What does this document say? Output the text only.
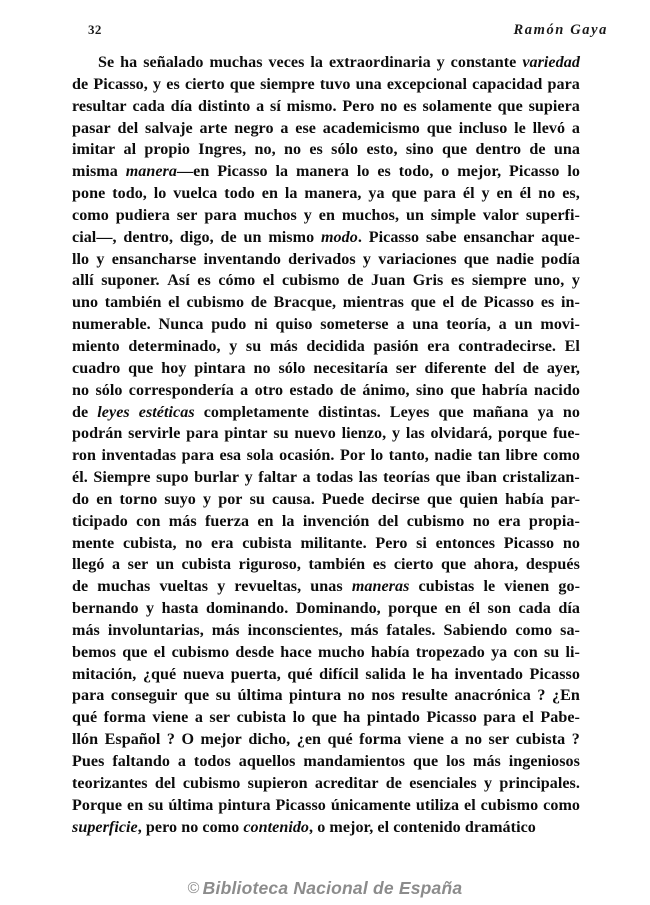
32	Ramón Gaya
Se ha señalado muchas veces la extraordinaria y constante variedad
de Picasso, y es cierto que siempre tuvo una excepcional capacidad para
resultar cada día distinto a sí mismo. Pero no es solamente que supiera
pasar del salvaje arte negro a ese academicismo que incluso le llevó a
imitar al propio Ingres, no, no es sólo esto, sino que dentro de una
misma manera—en Picasso la manera lo es todo, o mejor, Picasso lo
pone todo, lo vuelca todo en la manera, ya que para él y en él no es,
como pudiera ser para muchos y en muchos, un simple valor superfi-
cial—, dentro, digo, de un mismo modo. Picasso sabe ensanchar aque-
llo y ensancharse inventando derivados y variaciones que nadie podía
allí suponer. Así es cómo el cubismo de Juan Gris es siempre uno, y
uno también el cubismo de Bracque, mientras que el de Picasso es in-
numerable. Nunca pudo ni quiso someterse a una teoría, a un movi-
miento determinado, y su más decidida pasión era contradecirse. El
cuadro que hoy pintara no sólo necesitaría ser diferente del de ayer,
no sólo correspondería a otro estado de ánimo, sino que habría nacido
de leyes estéticas completamente distintas. Leyes que mañana ya no
podrán servirle para pintar su nuevo lienzo, y las olvidará, porque fue-
ron inventadas para esa sola ocasión. Por lo tanto, nadie tan libre como
él. Siempre supo burlar y faltar a todas las teorías que iban cristalizan-
do en torno suyo y por su causa. Puede decirse que quien había par-
ticipado con más fuerza en la invención del cubismo no era propia-
mente cubista, no era cubista militante. Pero si entonces Picasso no
llegó a ser un cubista riguroso, también es cierto que ahora, después
de muchas vueltas y revueltas, unas maneras cubistas le vienen go-
bernando y hasta dominando. Dominando, porque en él son cada día
más involuntarias, más inconscientes, más fatales. Sabiendo como sa-
bemos que el cubismo desde hace mucho había tropezado ya con su li-
mitación, ¿qué nueva puerta, qué difícil salida le ha inventado Picasso
para conseguir que su última pintura no nos resulte anacrónica ? ¿En
qué forma viene a ser cubista lo que ha pintado Picasso para el Pabe-
llón Español ? O mejor dicho, ¿en qué forma viene a no ser cubista ?
Pues faltando a todos aquellos mandamientos que los más ingeniosos
teorizantes del cubismo supieron acreditar de esenciales y principales.
Porque en su última pintura Picasso únicamente utiliza el cubismo como
superficie, pero no como contenido, o mejor, el contenido dramático
© Biblioteca Nacional de España
